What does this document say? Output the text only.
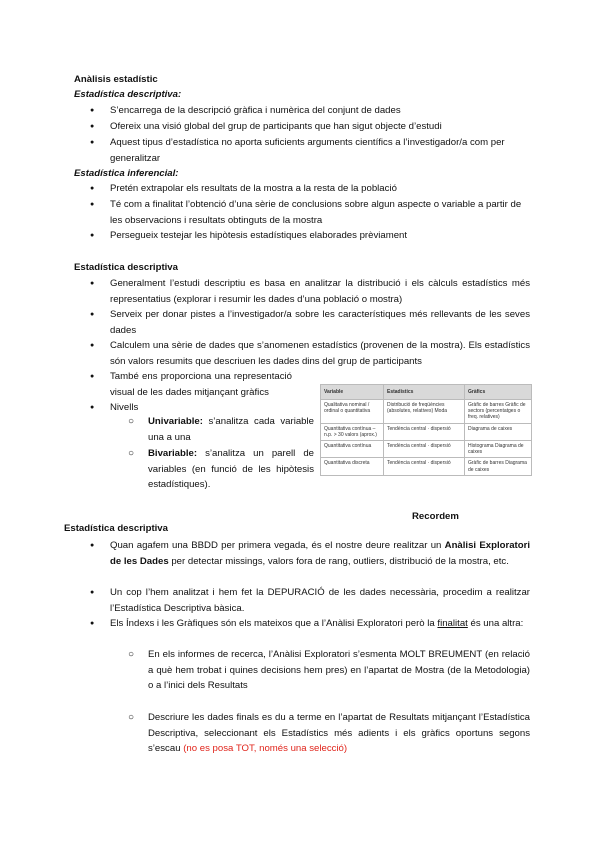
Anàlisis estadístic
Estadística descriptiva:
● S’encarrega de la descripció gràfica i numèrica del conjunt de dades
● Ofereix una visió global del grup de participants que han sigut objecte d’estudi
● Aquest tipus d’estadística no aporta suficients arguments científics a l’investigador/a com per generalitzar
Estadística inferencial:
● Pretén extrapolar els resultats de la mostra a la resta de la població
● Té com a finalitat l’obtenció d’una sèrie de conclusions sobre algun aspecte o variable a partir de les observacions i resultats obtinguts de la mostra
● Persegueix testejar les hipòtesis estadístiques elaborades prèviament
Estadística descriptiva
● Generalment l’estudi descriptiu es basa en analitzar la distribució i els càlculs estadístics més representatius (explorar i resumir les dades d’una població o mostra)
● Serveix per donar pistes a l’investigador/a sobre les característiques més rellevants de les seves dades
● Calculem una sèrie de dades que s’anomenen estadístics (provenen de la mostra). Els estadístics són valors resumits que descriuen les dades dins del grup de participants
● També ens proporciona una representació visual de les dades mitjançant gràfics
● Nivells
○	Univariable: s’analitza cada variable una a una
○	Bivariable: s’analitza un parell de variables (en funció de les hipòtesis estadístiques).
Variable	Estadístics	Gràfics
Qualitativa nominal / ordinal o quantitativa	Distribució de freqüències (absolutes, relatives) Moda	Gràfic de barres Gràfic de sectors (percentatges o freq. relatives)
Quantitativa contínua – n.p. > 30 valors (aprox.)	Tendència central · dispersió	Diagrama de caixes
Quantitativa contínua	Tendència central · dispersió	Histograma Diagrama de caixes
Quantitativa discreta	Tendència central · dispersió	Gràfic de barres Diagrama de caixes
Recordem
Estadística descriptiva
● Quan agafem una BBDD per primera vegada, és el nostre deure realitzar un Anàlisi Exploratori de les Dades per detectar missings, valors fora de rang, outliers, distribució de la mostra, etc.
● Un cop l’hem analitzat i hem fet la DEPURACIÓ de les dades necessària, procedim a realitzar l’Estadística Descriptiva bàsica.
● Els Índexs i les Gràfiques són els mateixos que a l’Anàlisi Exploratori però la finalitat és una altra:
○	En els informes de recerca, l’Anàlisi Exploratori s’esmenta MOLT BREUMENT (en relació a què hem trobat i quines decisions hem pres) en l’apartat de Mostra (de la Metodologia) o a l’inici dels Resultats
○	Descriure les dades finals es du a terme en l’apartat de Resultats mitjançant l’Estadística Descriptiva, seleccionant els Estadístics més adients i els gràfics oportuns segons s’escau (no es posa TOT, només una selecció)
